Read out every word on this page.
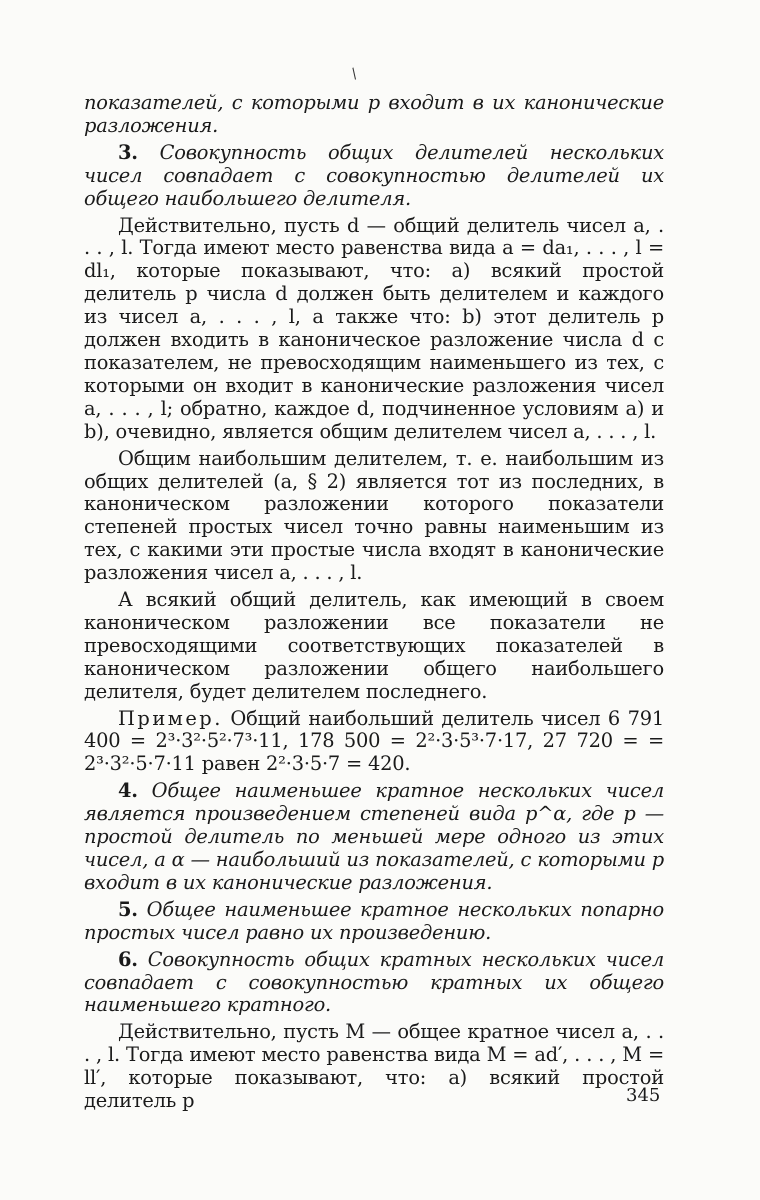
/

показателей, с которыми p входит в их канонические разложения.

3. Совокупность общих делителей нескольких чисел совпадает с совокупностью делителей их общего наибольшего делителя.

Действительно, пусть d — общий делитель чисел a, . . . , l. Тогда имеют место равенства вида a = da₁, . . . , l = dl₁, которые показывают, что: a) всякий простой делитель p числа d должен быть делителем и каждого из чисел a, . . . , l, а также что: b) этот делитель p должен входить в каноническое разложение числа d с показателем, не превосходящим наименьшего из тех, с которыми он входит в канонические разложения чисел a, . . . , l; обратно, каждое d, подчиненное условиям a) и b), очевидно, является общим делителем чисел a, . . . , l.

Общим наибольшим делителем, т. е. наибольшим из общих делителей (а, § 2) является тот из последних, в каноническом разложении которого показатели степеней простых чисел точно равны наименьшим из тех, с какими эти простые числа входят в канонические разложения чисел a, . . . , l.

А всякий общий делитель, как имеющий в своем каноническом разложении все показатели не превосходящими соответствующих показателей в каноническом разложении общего наибольшего делителя, будет делителем последнего.

Пример. Общий наибольший делитель чисел 6 791 400 = 2³·3²·5²·7³·11, 178 500 = 2²·3·5³·7·17, 27 720 = = 2³·3²·5·7·11 равен 2²·3·5·7 = 420.

4. Общее наименьшее кратное нескольких чисел является произведением степеней вида p^α, где p — простой делитель по меньшей мере одного из этих чисел, а α — наибольший из показателей, с которыми p входит в их канонические разложения.

5. Общее наименьшее кратное нескольких попарно простых чисел равно их произведению.

6. Совокупность общих кратных нескольких чисел совпадает с совокупностью кратных их общего наименьшего кратного.

Действительно, пусть M — общее кратное чисел a, . . . , l. Тогда имеют место равенства вида M = ad′, . . . , M = ll′, которые показывают, что: a) всякий простой делитель p	345
